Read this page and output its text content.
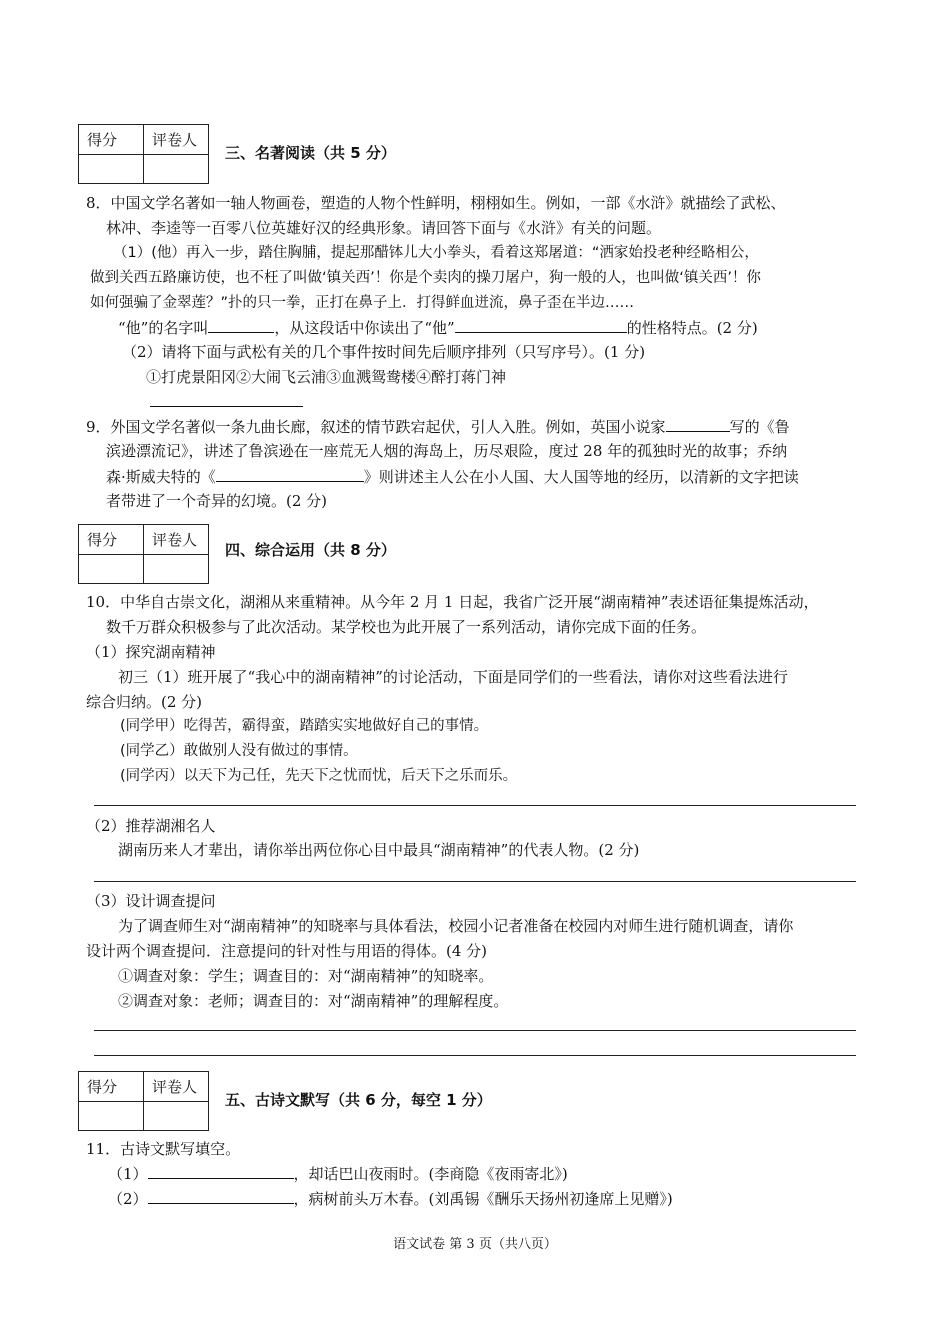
得分	评卷人

三、名著阅读（共 5 分）
8．中国文学名著如一轴人物画卷，塑造的人物个性鲜明，栩栩如生。例如，一部《水浒》就描绘了武松、
林冲、李逵等一百零八位英雄好汉的经典形象。请回答下面与《水浒》有关的问题。
（1）(他）再入一步，踏住胸脯，提起那醋钵儿大小拳头，看着这郑屠道：“洒家始投老种经略相公，
做到关西五路廉访使，也不枉了叫做‘镇关西’！你是个卖肉的操刀屠户，狗一般的人，也叫做‘镇关西’！你
如何强骗了金翠莲？”扑的只一拳，正打在鼻子上．打得鲜血迸流，鼻子歪在半边……
“他”的名字叫	，从这段话中你读出了“他”	的性格特点。(2 分)
（2）请将下面与武松有关的几个事件按时间先后顺序排列（只写序号）。(1 分)
①打虎景阳冈②大闹飞云浦③血溅鸳鸯楼④醉打蒋门神
9．外国文学名著似一条九曲长廊，叙述的情节跌宕起伏，引人入胜。例如，英国小说家	写的《鲁
滨逊漂流记》，讲述了鲁滨逊在一座荒无人烟的海岛上，历尽艰险，度过 28 年的孤独时光的故事；乔纳
森·斯威夫特的《	》则讲述主人公在小人国、大人国等地的经历，以清新的文字把读
者带进了一个奇异的幻境。(2 分)
得分	评卷人

四、综合运用（共 8 分）
10．中华自古崇文化，湖湘从来重精神。从今年 2 月 1 日起，我省广泛开展“湖南精神”表述语征集提炼活动，
数千万群众积极参与了此次活动。某学校也为此开展了一系列活动，请你完成下面的任务。
（1）探究湖南精神
初三（1）班开展了“我心中的湖南精神”的讨论活动，下面是同学们的一些看法，请你对这些看法进行
综合归纳。(2 分)
(同学甲）吃得苦，霸得蛮，踏踏实实地做好自己的事情。
(同学乙）敢做别人没有做过的事情。
(同学丙）以天下为己任，先天下之忧而忧，后天下之乐而乐。
（2）推荐湖湘名人
湖南历来人才辈出，请你举出两位你心目中最具“湖南精神”的代表人物。(2 分)
（3）设计调查提问
为了调查师生对“湖南精神”的知晓率与具体看法，校园小记者准备在校园内对师生进行随机调查，请你
设计两个调查提问．注意提问的针对性与用语的得体。(4 分)
①调查对象：学生；调查目的：对“湖南精神”的知晓率。
②调查对象：老师；调查目的：对“湖南精神”的理解程度。
得分	评卷人

五、古诗文默写（共 6 分，每空 1 分）
11．古诗文默写填空。
（1）	，却话巴山夜雨时。(李商隐《夜雨寄北》)
（2）	，病树前头万木春。(刘禹锡《酬乐天扬州初逢席上见赠》)
语文试卷 第 3 页（共八页）
